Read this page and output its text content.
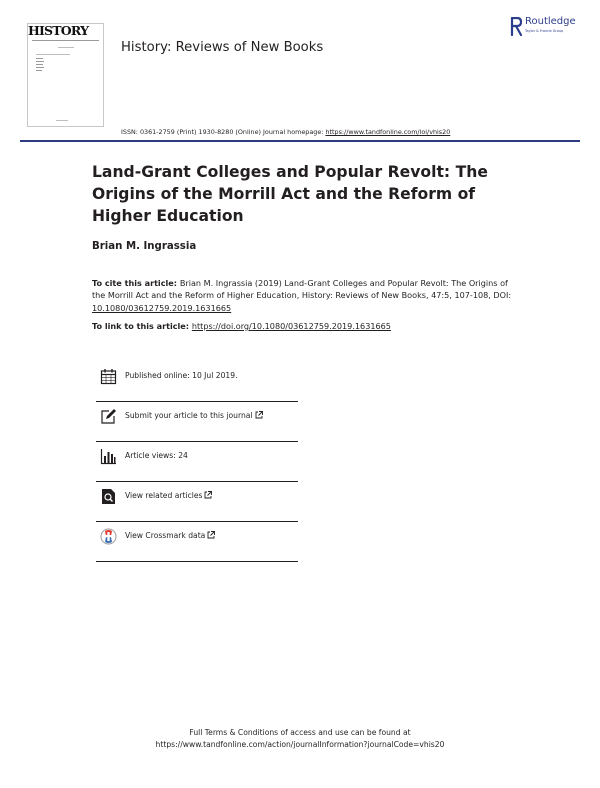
HISTORY
History: Reviews of New Books
Routledge
Taylor & Francis Group
ISSN: 0361-2759 (Print) 1930-8280 (Online) Journal homepage: https://www.tandfonline.com/loi/vhis20
Land-Grant Colleges and Popular Revolt: The Origins of the Morrill Act and the Reform of Higher Education
Brian M. Ingrassia
To cite this article: Brian M. Ingrassia (2019) Land-Grant Colleges and Popular Revolt: The Origins of the Morrill Act and the Reform of Higher Education, History: Reviews of New Books, 47:5, 107-108, DOI: 10.1080/03612759.2019.1631665
To link to this article: https://doi.org/10.1080/03612759.2019.1631665
Published online: 10 Jul 2019.
Submit your article to this journal
Article views: 24
View related articles
View Crossmark data
Full Terms & Conditions of access and use can be found at
https://www.tandfonline.com/action/journalInformation?journalCode=vhis20
